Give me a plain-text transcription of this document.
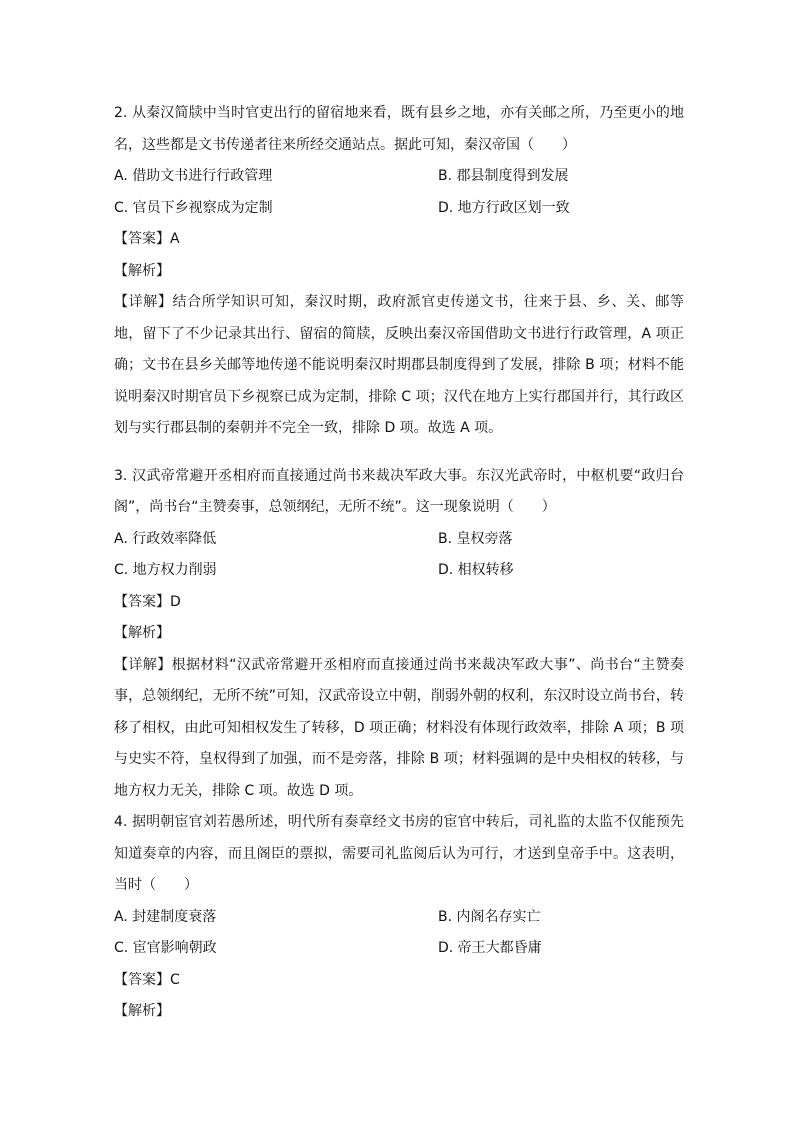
2. 从秦汉简牍中当时官吏出行的留宿地来看，既有县乡之地，亦有关邮之所，乃至更小的地名，这些都是文书传递者往来所经交通站点。据此可知，秦汉帝国（　　）

A. 借助文书进行行政管理	B. 郡县制度得到发展
C. 官员下乡视察成为定制	D. 地方行政区划一致
【答案】A
【解析】

【详解】结合所学知识可知，秦汉时期，政府派官吏传递文书，往来于县、乡、关、邮等地，留下了不少记录其出行、留宿的简牍，反映出秦汉帝国借助文书进行行政管理，A 项正确；文书在县乡关邮等地传递不能说明秦汉时期郡县制度得到了发展，排除 B 项；材料不能说明秦汉时期官员下乡视察已成为定制，排除 C 项；汉代在地方上实行郡国并行，其行政区划与实行郡县制的秦朝并不完全一致，排除 D 项。故选 A 项。

3. 汉武帝常避开丞相府而直接通过尚书来裁决军政大事。东汉光武帝时，中枢机要“政归台阁”，尚书台“主赞奏事，总领纲纪，无所不统”。这一现象说明（　　）

A. 行政效率降低	B. 皇权旁落
C. 地方权力削弱	D. 相权转移
【答案】D
【解析】

【详解】根据材料“汉武帝常避开丞相府而直接通过尚书来裁决军政大事”、尚书台“主赞奏事，总领纲纪，无所不统”可知，汉武帝设立中朝，削弱外朝的权利，东汉时设立尚书台，转移了相权，由此可知相权发生了转移，D 项正确；材料没有体现行政效率，排除 A 项；B 项与史实不符，皇权得到了加强，而不是旁落，排除 B 项；材料强调的是中央相权的转移，与地方权力无关，排除 C 项。故选 D 项。

4. 据明朝宦官刘若愚所述，明代所有奏章经文书房的宦官中转后，司礼监的太监不仅能预先知道奏章的内容，而且阁臣的票拟，需要司礼监阅后认为可行，才送到皇帝手中。这表明，当时（　　）

A. 封建制度衰落	B. 内阁名存实亡
C. 宦官影响朝政	D. 帝王大都昏庸
【答案】C
【解析】
